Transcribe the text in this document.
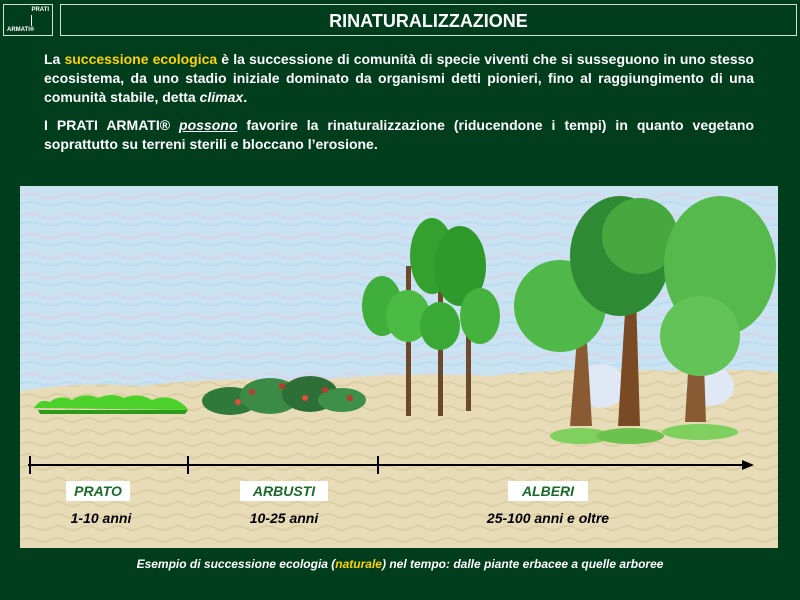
PRATI
ARMATI®	RINATURALIZZAZIONE

La successione ecologica è la successione di comunità di specie viventi che si susseguono in uno stesso ecosistema, da uno stadio iniziale dominato da organismi detti pionieri, fino al raggiungimento di una comunità stabile, detta climax.

I PRATI ARMATI® possono favorire la rinaturalizzazione (riducendone i tempi) in quanto vegetano soprattutto su terreni sterili e bloccano l’erosione.

PRATO
1-10 anni
ARBUSTI
10-25 anni
ALBERI
25-100 anni e oltre
Esempio di successione ecologia (naturale) nel tempo: dalle piante erbacee a quelle arboree
